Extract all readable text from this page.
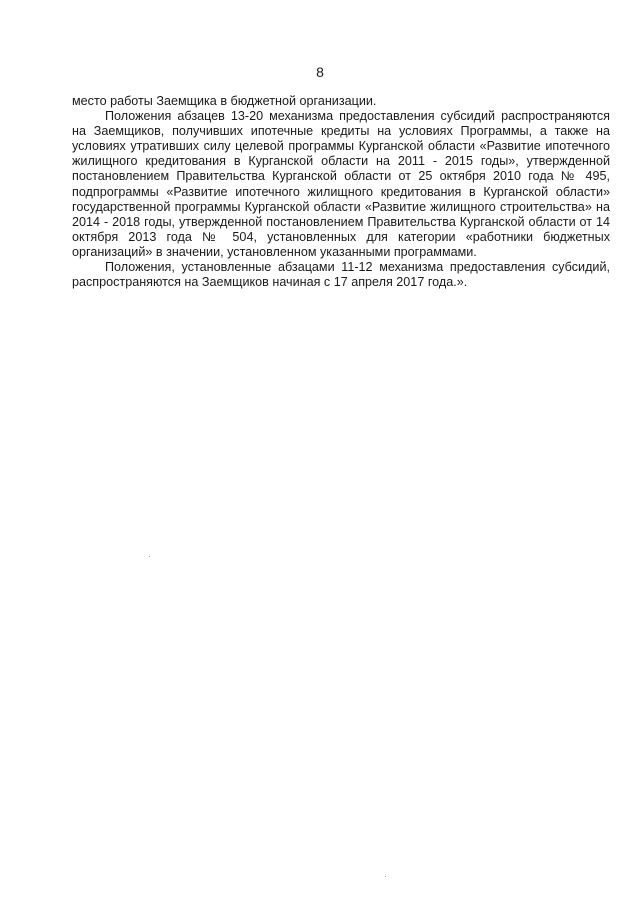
8

место работы Заемщика в бюджетной организации.

Положения абзацев 13-20 механизма предоставления субсидий распространяются на Заемщиков, получивших ипотечные кредиты на условиях Программы, а также на условиях утративших силу целевой программы Курганской области «Развитие ипотечного жилищного кредитования в Курганской области на 2011 - 2015 годы», утвержденной постановлением Правительства Курганской области от 25 октября 2010 года № 495, подпрограммы «Развитие ипотечного жилищного кредитования в Курганской области» государственной программы Курганской области «Развитие жилищного строительства» на 2014 - 2018 годы, утвержденной постановлением Правительства Курганской области от 14 октября 2013 года № 504, установленных для категории «работники бюджетных организаций» в значении, установленном указанными программами.

Положения, установленные абзацами 11-12 механизма предоставления субсидий, распространяются на Заемщиков начиная с 17 апреля 2017 года.».
